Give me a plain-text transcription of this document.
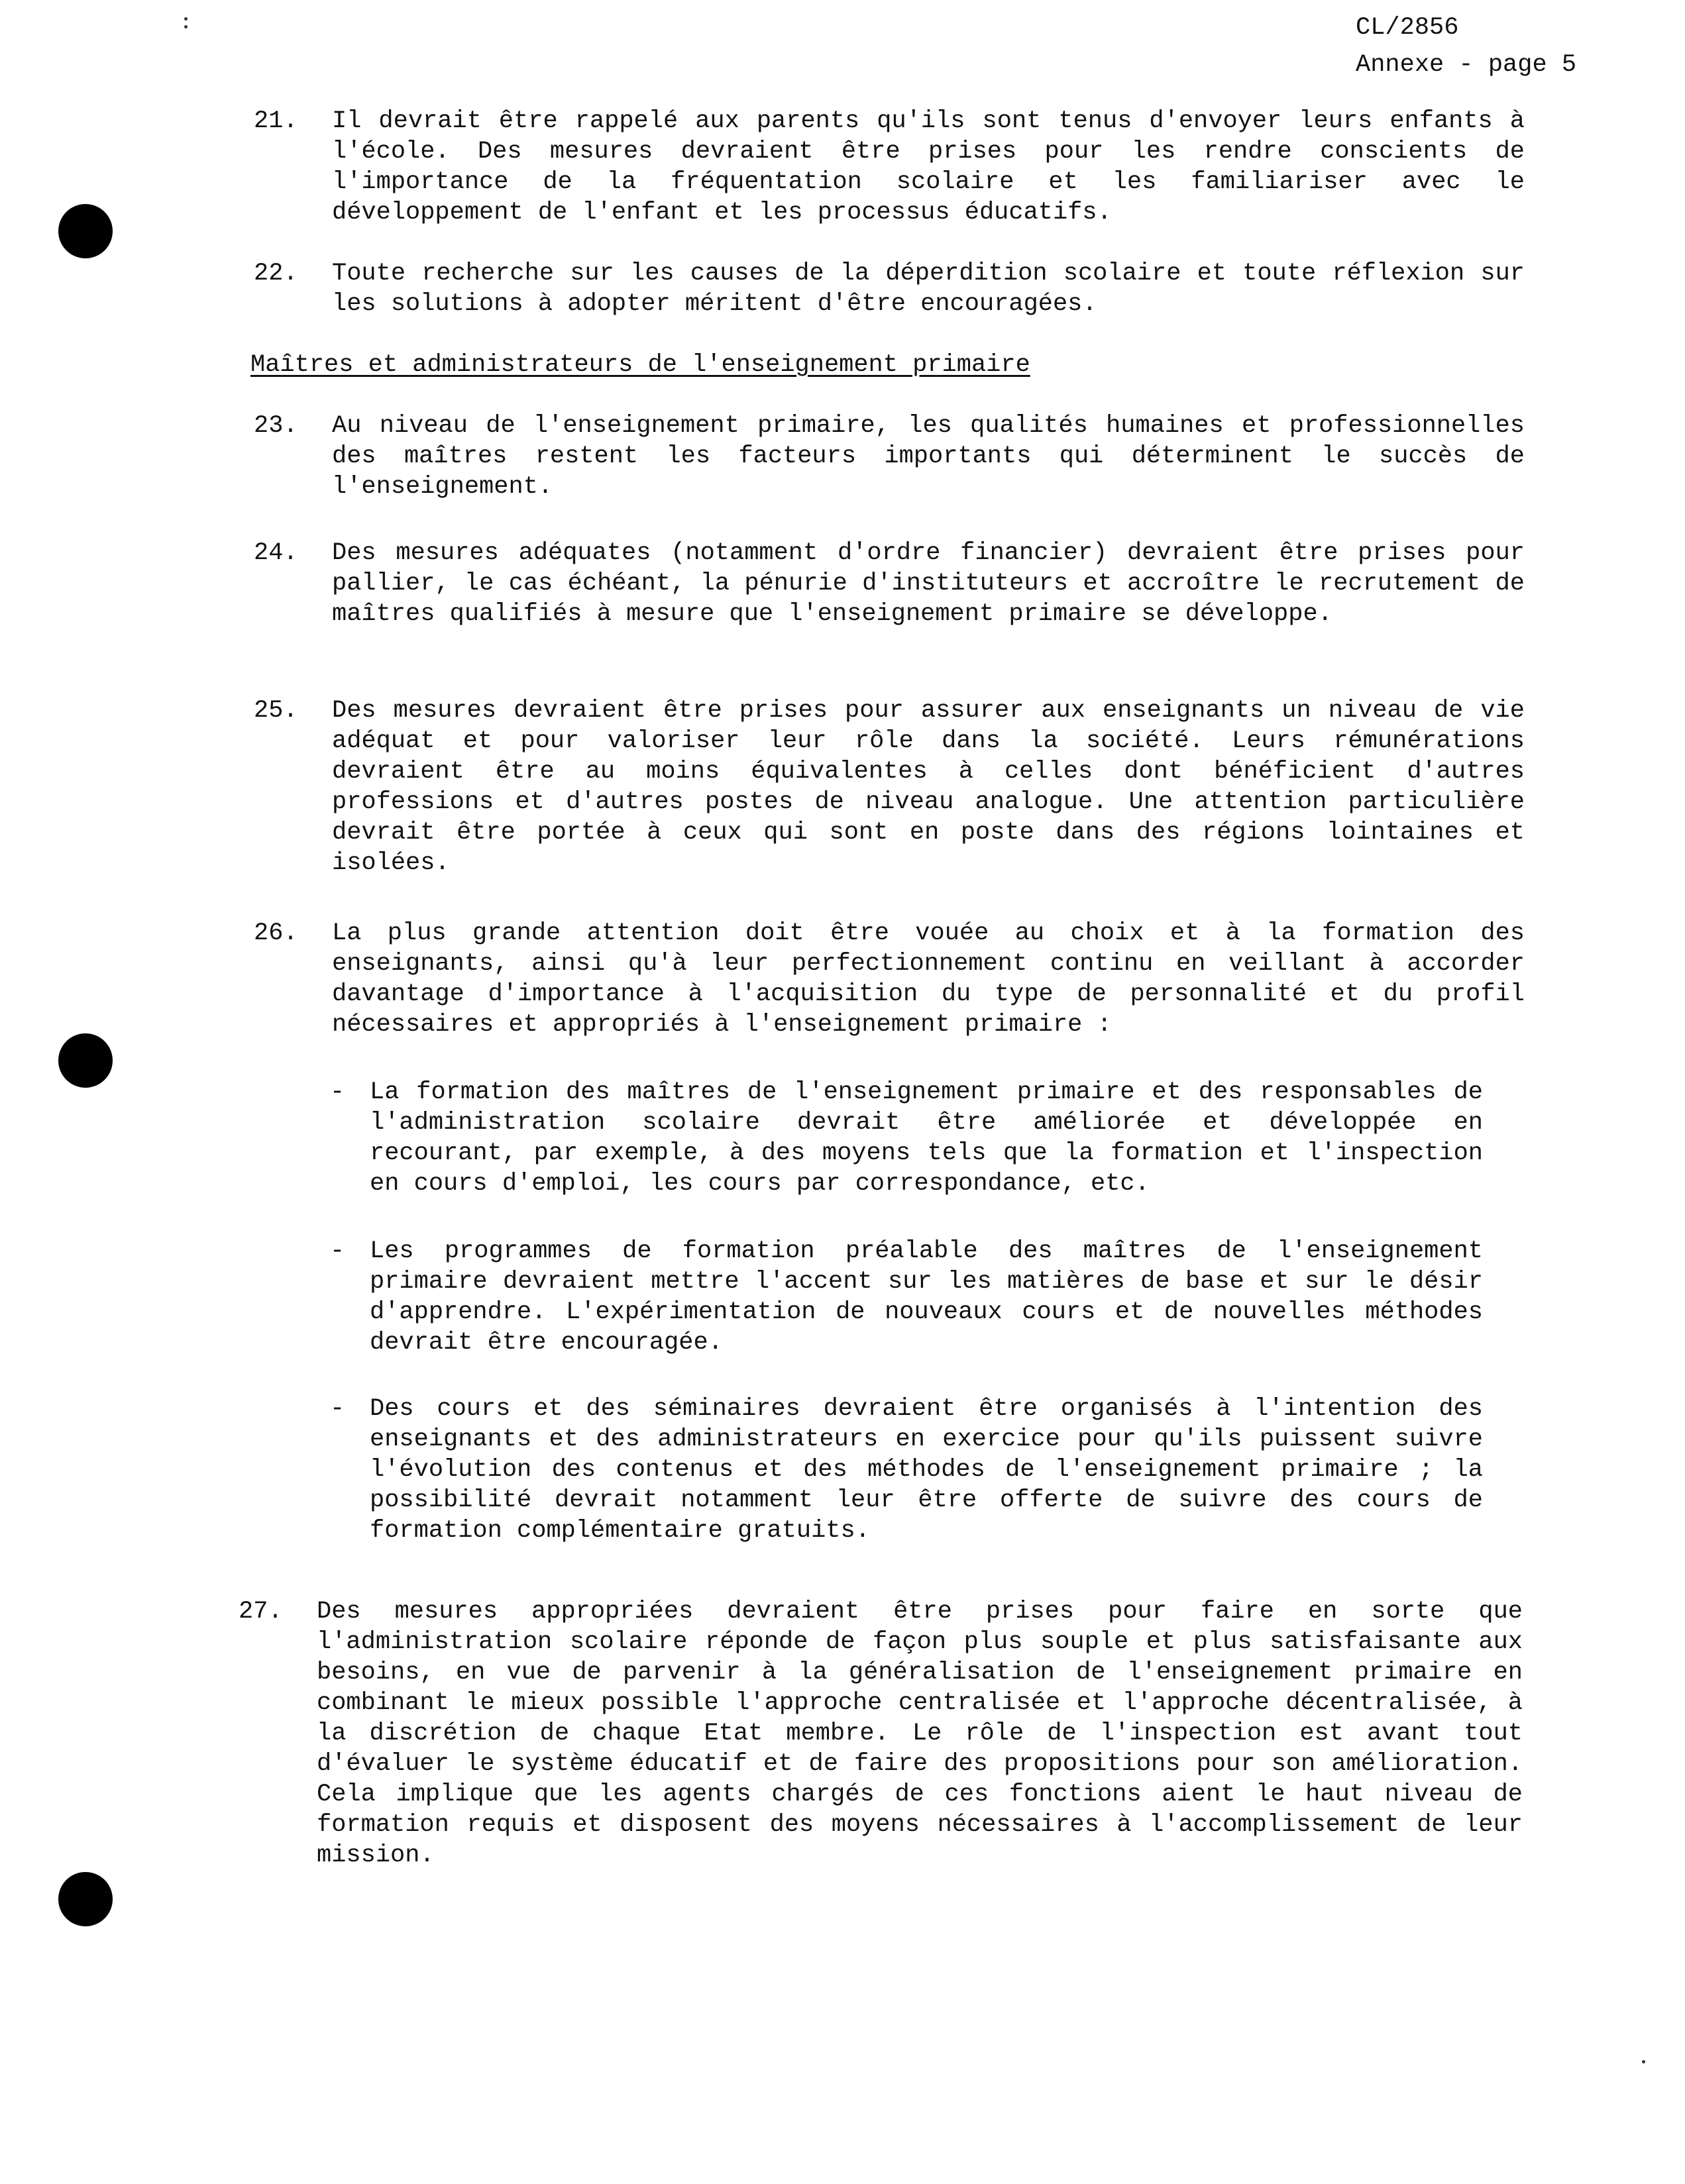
CL/2856
Annexe - page 5
21. Il devrait être rappelé aux parents qu'ils sont tenus d'envoyer leurs enfants à l'école. Des mesures devraient être prises pour les rendre conscients de l'importance de la fréquentation scolaire et les familiariser avec le développement de l'enfant et les processus éducatifs.
22. Toute recherche sur les causes de la déperdition scolaire et toute réflexion sur les solutions à adopter méritent d'être encouragées.
Maîtres et administrateurs de l'enseignement primaire
23. Au niveau de l'enseignement primaire, les qualités humaines et professionnelles des maîtres restent les facteurs importants qui déterminent le succès de l'enseignement.
24. Des mesures adéquates (notamment d'ordre financier) devraient être prises pour pallier, le cas échéant, la pénurie d'instituteurs et accroître le recrutement de maîtres qualifiés à mesure que l'enseignement primaire se développe.
25. Des mesures devraient être prises pour assurer aux enseignants un niveau de vie adéquat et pour valoriser leur rôle dans la société. Leurs rémunérations devraient être au moins équivalentes à celles dont bénéficient d'autres professions et d'autres postes de niveau analogue. Une attention particulière devrait être portée à ceux qui sont en poste dans des régions lointaines et isolées.
26. La plus grande attention doit être vouée au choix et à la formation des enseignants, ainsi qu'à leur perfectionnement continu en veillant à accorder davantage d'importance à l'acquisition du type de personnalité et du profil nécessaires et appropriés à l'enseignement primaire :
- La formation des maîtres de l'enseignement primaire et des responsables de l'administration scolaire devrait être améliorée et développée en recourant, par exemple, à des moyens tels que la formation et l'inspection en cours d'emploi, les cours par correspondance, etc.
- Les programmes de formation préalable des maîtres de l'enseignement primaire devraient mettre l'accent sur les matières de base et sur le désir d'apprendre. L'expérimentation de nouveaux cours et de nouvelles méthodes devrait être encouragée.
- Des cours et des séminaires devraient être organisés à l'intention des enseignants et des administrateurs en exercice pour qu'ils puissent suivre l'évolution des contenus et des méthodes de l'enseignement primaire ; la possibilité devrait notamment leur être offerte de suivre des cours de formation complémentaire gratuits.
27. Des mesures appropriées devraient être prises pour faire en sorte que l'administration scolaire réponde de façon plus souple et plus satisfaisante aux besoins, en vue de parvenir à la généralisation de l'enseignement primaire en combinant le mieux possible l'approche centralisée et l'approche décentralisée, à la discrétion de chaque Etat membre. Le rôle de l'inspection est avant tout d'évaluer le système éducatif et de faire des propositions pour son amélioration. Cela implique que les agents chargés de ces fonctions aient le haut niveau de formation requis et disposent des moyens nécessaires à l'accomplissement de leur mission.
